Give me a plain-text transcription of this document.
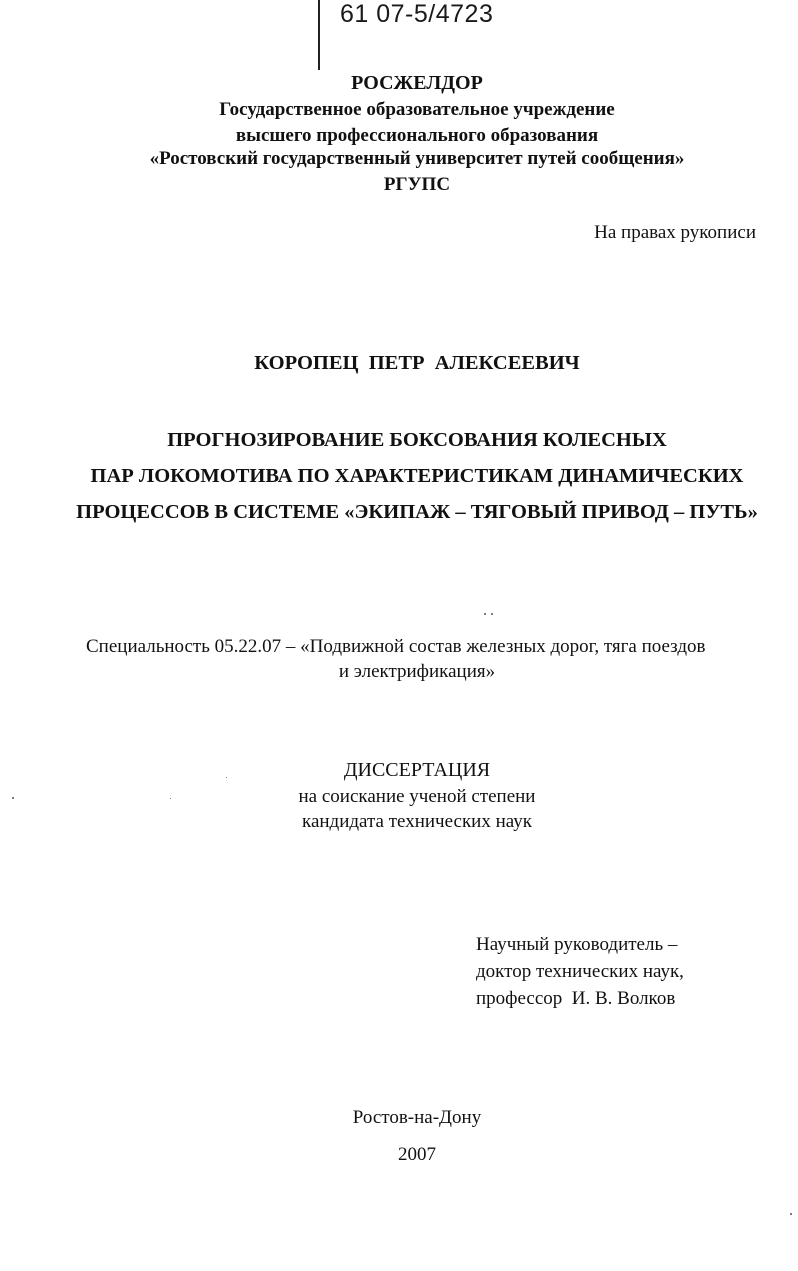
61 07-5/4723
РОСЖЕЛДОР
Государственное образовательное учреждение
высшего профессионального образования
«Ростовский государственный университет путей сообщения»
РГУПС
На правах рукописи
КОРОПЕЦ  ПЕТР  АЛЕКСЕЕВИЧ
ПРОГНОЗИРОВАНИЕ БОКСОВАНИЯ КОЛЕСНЫХ
ПАР ЛОКОМОТИВА ПО ХАРАКТЕРИСТИКАМ ДИНАМИЧЕСКИХ
ПРОЦЕССОВ В СИСТЕМЕ «ЭКИПАЖ – ТЯГОВЫЙ ПРИВОД – ПУТЬ»
Специальность 05.22.07 – «Подвижной состав железных дорог, тяга поездов
и электрификация»
ДИССЕРТАЦИЯ
на соискание ученой степени
кандидата технических наук
Научный руководитель –
доктор технических наук,
профессор  И. В. Волков
Ростов-на-Дону
2007
